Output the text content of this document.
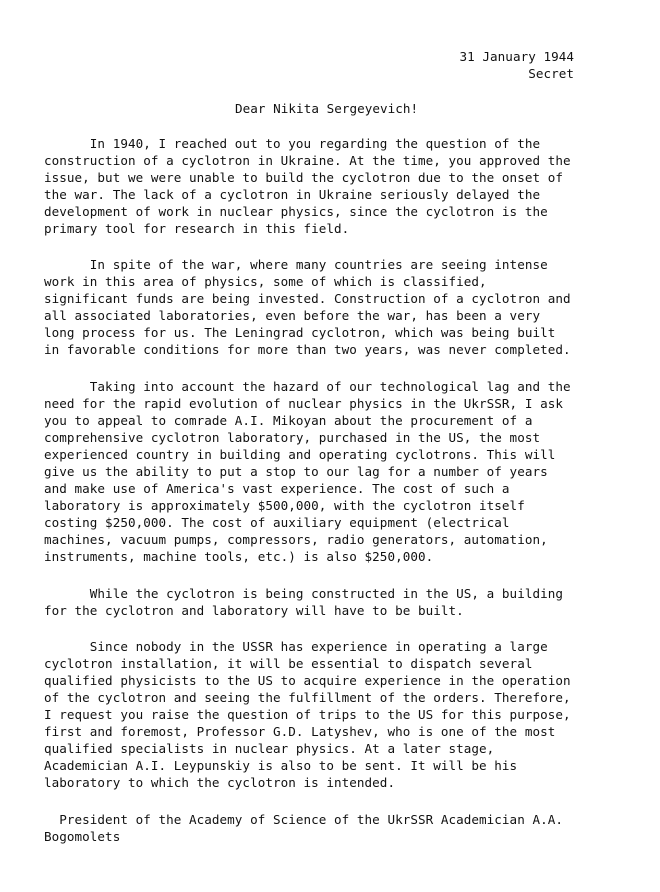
31 January 1944
Secret
Dear Nikita Sergeyevich!
In 1940, I reached out to you regarding the question of the
construction of a cyclotron in Ukraine. At the time, you approved the
issue, but we were unable to build the cyclotron due to the onset of
the war. The lack of a cyclotron in Ukraine seriously delayed the
development of work in nuclear physics, since the cyclotron is the
primary tool for research in this field.
In spite of the war, where many countries are seeing intense
work in this area of physics, some of which is classified,
significant funds are being invested. Construction of a cyclotron and
all associated laboratories, even before the war, has been a very
long process for us. The Leningrad cyclotron, which was being built
in favorable conditions for more than two years, was never completed.
Taking into account the hazard of our technological lag and the
need for the rapid evolution of nuclear physics in the UkrSSR, I ask
you to appeal to comrade A.I. Mikoyan about the procurement of a
comprehensive cyclotron laboratory, purchased in the US, the most
experienced country in building and operating cyclotrons. This will
give us the ability to put a stop to our lag for a number of years
and make use of America's vast experience. The cost of such a
laboratory is approximately $500,000, with the cyclotron itself
costing $250,000. The cost of auxiliary equipment (electrical
machines, vacuum pumps, compressors, radio generators, automation,
instruments, machine tools, etc.) is also $250,000.
While the cyclotron is being constructed in the US, a building
for the cyclotron and laboratory will have to be built.
Since nobody in the USSR has experience in operating a large
cyclotron installation, it will be essential to dispatch several
qualified physicists to the US to acquire experience in the operation
of the cyclotron and seeing the fulfillment of the orders. Therefore,
I request you raise the question of trips to the US for this purpose,
first and foremost, Professor G.D. Latyshev, who is one of the most
qualified specialists in nuclear physics. At a later stage,
Academician A.I. Leypunskiy is also to be sent. It will be his
laboratory to which the cyclotron is intended.
President of the Academy of Science of the UkrSSR Academician A.A.
Bogomolets
